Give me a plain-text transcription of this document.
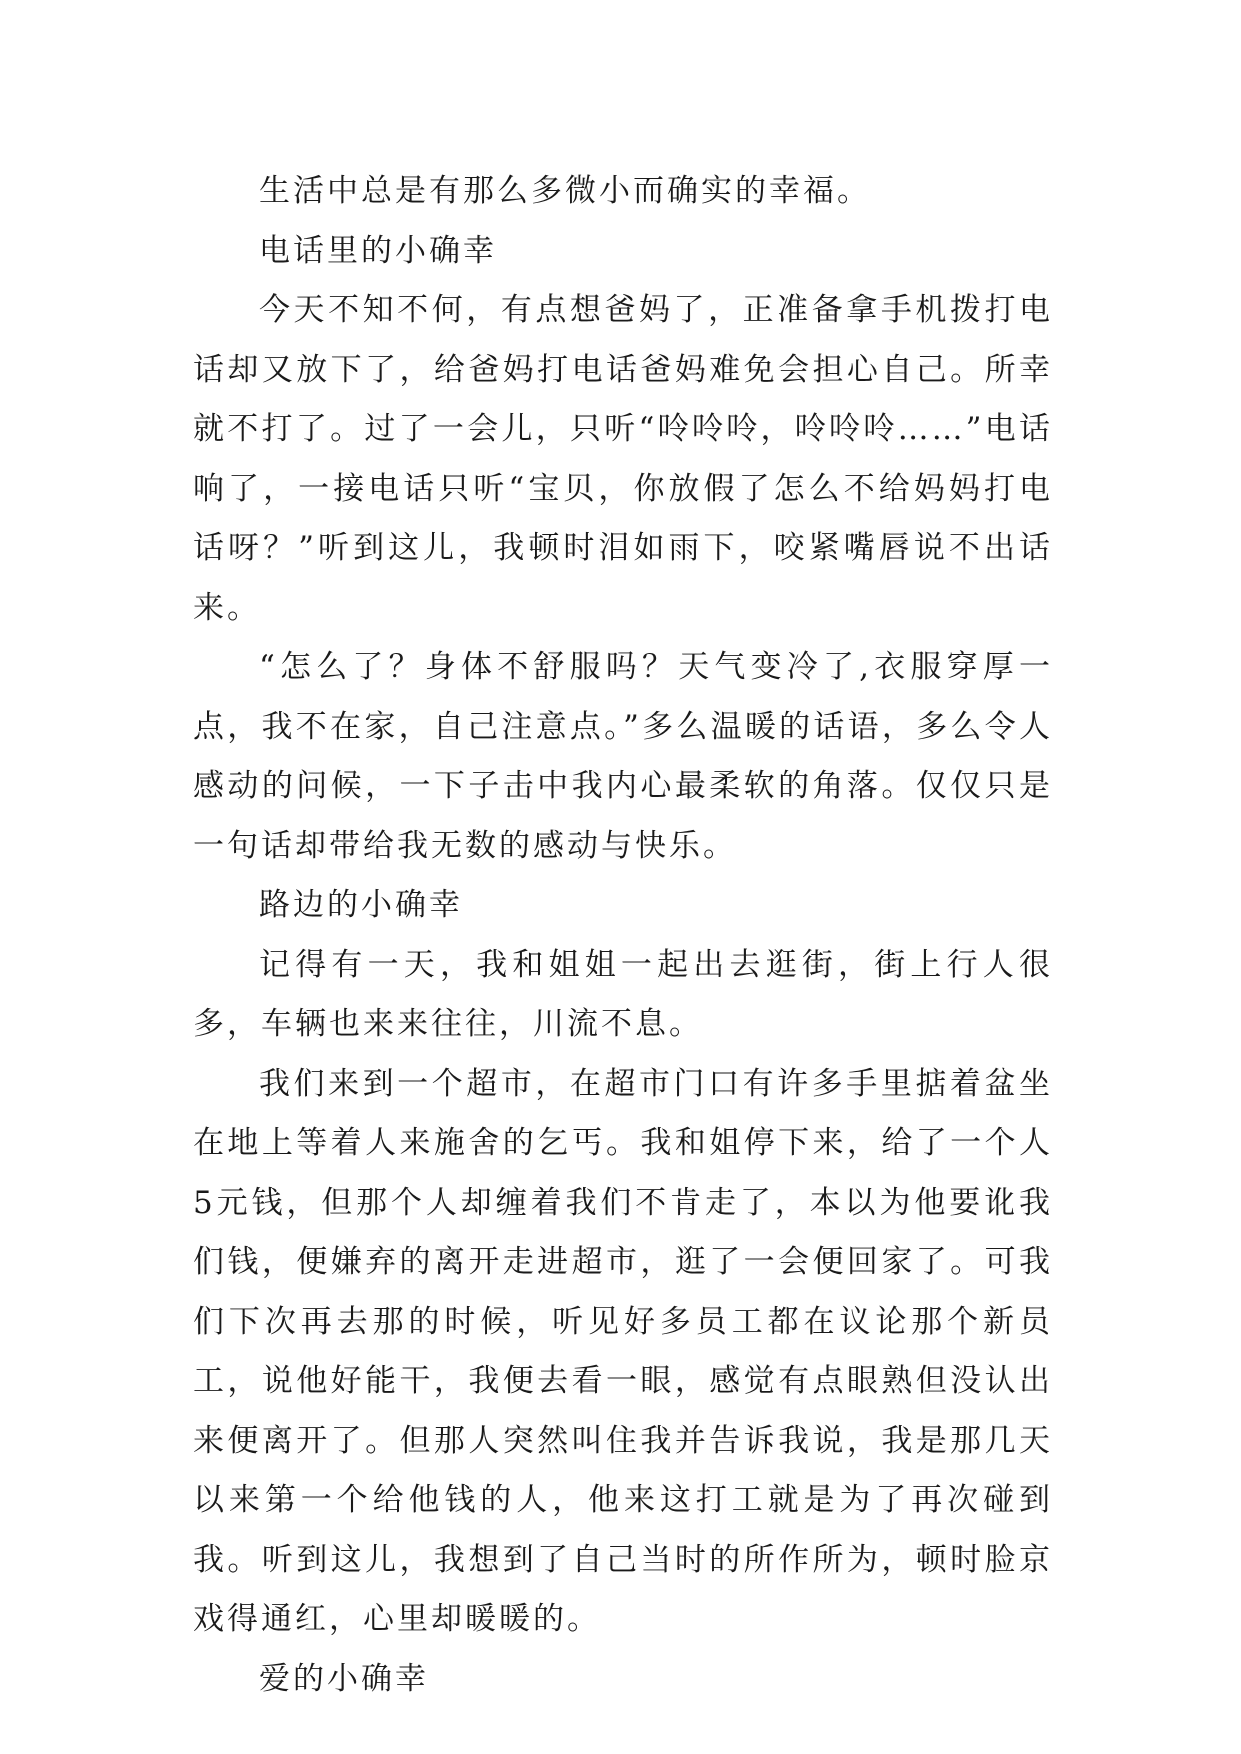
生活中总是有那么多微小而确实的幸福。

电话里的小确幸

今天不知不何，有点想爸妈了，正准备拿手机拨打电话却又放下了，给爸妈打电话爸妈难免会担心自己。所幸就不打了。过了一会儿，只听“呤呤呤，呤呤呤……”电话响了，一接电话只听“宝贝，你放假了怎么不给妈妈打电话呀？”听到这儿，我顿时泪如雨下，咬紧嘴唇说不出话来。

“怎么了？身体不舒服吗？天气变冷了,衣服穿厚一点，我不在家，自己注意点。”多么温暖的话语，多么令人感动的问候，一下子击中我内心最柔软的角落。仅仅只是一句话却带给我无数的感动与快乐。

路边的小确幸

记得有一天，我和姐姐一起出去逛街，街上行人很多，车辆也来来往往，川流不息。

我们来到一个超市，在超市门口有许多手里掂着盆坐在地上等着人来施舍的乞丐。我和姐停下来，给了一个人5元钱，但那个人却缠着我们不肯走了，本以为他要讹我们钱，便嫌弃的离开走进超市，逛了一会便回家了。可我们下次再去那的时候，听见好多员工都在议论那个新员工，说他好能干，我便去看一眼，感觉有点眼熟但没认出来便离开了。但那人突然叫住我并告诉我说，我是那几天以来第一个给他钱的人，他来这打工就是为了再次碰到我。听到这儿，我想到了自己当时的所作所为，顿时脸京戏得通红，心里却暖暖的。

爱的小确幸
